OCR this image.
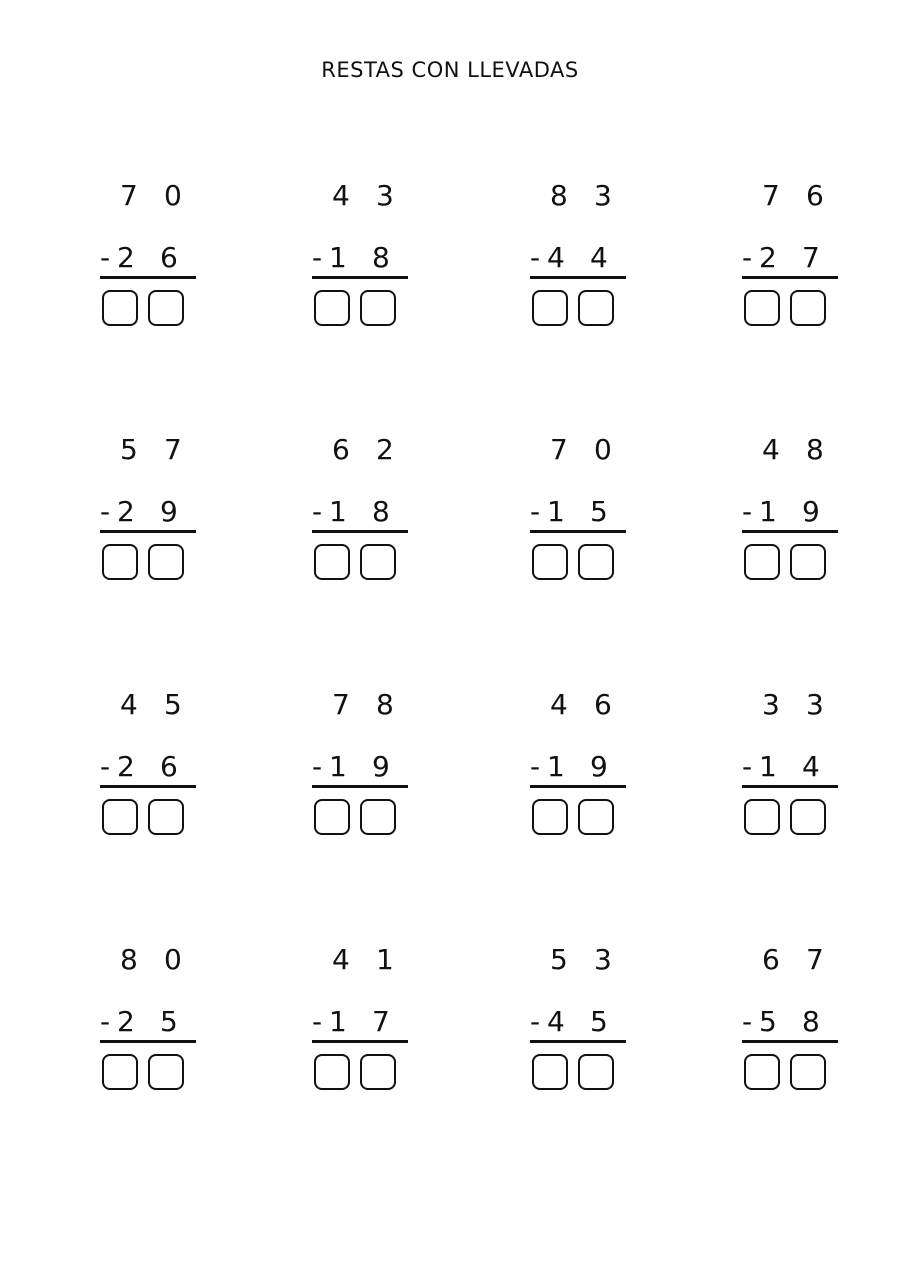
RESTAS CON LLEVADAS
7 0
- 2 6
4 3
- 1 8
8 3
- 4 4
7 6
- 2 7
5 7
- 2 9
6 2
- 1 8
7 0
- 1 5
4 8
- 1 9
4 5
- 2 6
7 8
- 1 9
4 6
- 1 9
3 3
- 1 4
8 0
- 2 5
4 1
- 1 7
5 3
- 4 5
6 7
- 5 8
